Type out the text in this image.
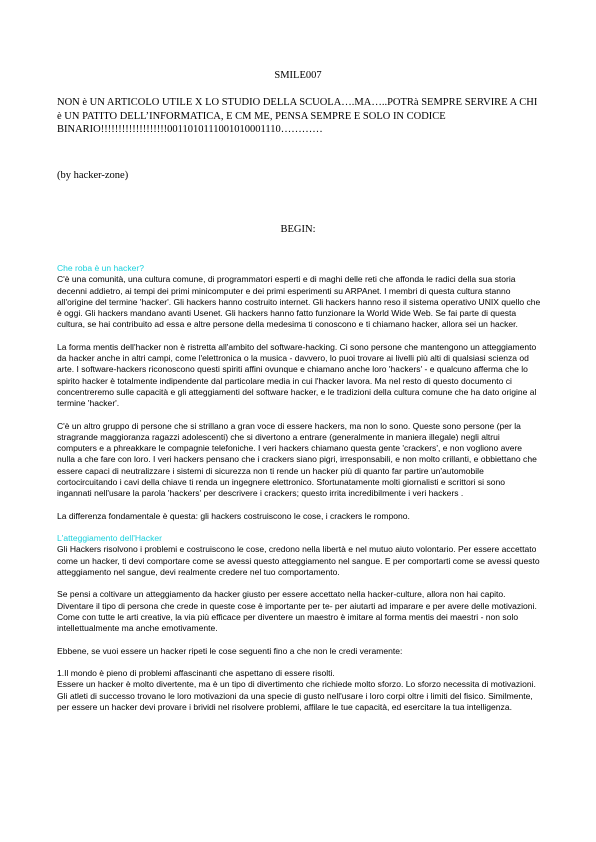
SMILE007
NON è UN ARTICOLO UTILE X LO STUDIO DELLA SCUOLA….MA…..POTRà SEMPRE SERVIRE A CHI è UN PATITO DELL’INFORMATICA, E CM ME, PENSA SEMPRE E SOLO IN CODICE BINARIO!!!!!!!!!!!!!!!!!!!0011010111001010001110…………
(by hacker-zone)
BEGIN:

Che roba è un hacker?
C'è una comunità, una cultura comune, di programmatori esperti e di maghi delle reti che affonda le radici della sua storia decenni addietro, ai tempi dei primi minicomputer e dei primi esperimenti su ARPAnet. I membri di questa cultura stanno all'origine del termine 'hacker'. Gli hackers hanno costruito internet. Gli hackers hanno reso il sistema operativo UNIX quello che è oggi. Gli hackers mandano avanti Usenet. Gli hackers hanno fatto funzionare la World Wide Web. Se fai parte di questa cultura, se hai contribuito ad essa e altre persone della medesima ti conoscono e ti chiamano hacker, allora sei un hacker.

La forma mentis dell'hacker non è ristretta all'ambito del software-hacking. Ci sono persone che mantengono un atteggiamento da hacker anche in altri campi, come l'elettronica o la musica - davvero, lo puoi trovare ai livelli più alti di qualsiasi scienza od arte. I software-hackers riconoscono questi spiriti affini ovunque e chiamano anche loro 'hackers' - e qualcuno afferma che lo spirito hacker è totalmente indipendente dal particolare media in cui l'hacker lavora. Ma nel resto di questo documento ci concentreremo sulle capacità e gli atteggiamenti del software hacker, e le tradizioni della cultura comune che ha dato origine al termine 'hacker'.

C'è un altro gruppo di persone che si strillano a gran voce di essere hackers, ma non lo sono. Queste sono persone (per la stragrande maggioranza ragazzi adolescenti) che si divertono a entrare (generalmente in maniera illegale) negli altrui computers e a phreakkare le compagnie telefoniche. I veri hackers chiamano questa gente 'crackers', e non vogliono avere nulla a che fare con loro. I veri hackers pensano che i crackers siano pigri, irresponsabili, e non molto crillanti, e obbiettano che essere capaci di neutralizzare i sistemi di sicurezza non ti rende un hacker più di quanto far partire un'automobile cortocircuitando i cavi della chiave ti renda un ingegnere elettronico. Sfortunatamente molti giornalisti e scrittori si sono ingannati nell'usare la parola 'hackers' per descrivere i crackers; questo irrita incredibilmente i veri hackers .

La differenza fondamentale è questa: gli hackers costruiscono le cose, i crackers le rompono.

L'atteggiamento dell'Hacker
Gli Hackers risolvono i problemi e costruiscono le cose, credono nella libertà e nel mutuo aiuto volontario. Per essere accettato come un hacker, ti devi comportare come se avessi questo atteggiamento nel sangue. E per comportarti come se avessi questo atteggiamento nel sangue, devi realmente credere nel tuo comportamento.

Se pensi a coltivare un atteggiamento da hacker giusto per essere accettato nella hacker-culture, allora non hai capito. Diventare il tipo di persona che crede in queste cose è importante per te- per aiutarti ad imparare e per avere delle motivazioni. Come con tutte le arti creative, la via più efficace per diventere un maestro è imitare al forma mentis dei maestri - non solo intellettualmente ma anche emotivamente.

Ebbene, se vuoi essere un hacker ripeti le cose seguenti fino a che non le credi veramente:

1.Il mondo è pieno di problemi affascinanti che aspettano di essere risolti.
Essere un hacker è molto divertente, ma è un tipo di divertimento che richiede molto sforzo. Lo sforzo necessita di motivazioni. Gli atleti di successo trovano le loro motivazioni da una specie di gusto nell'usare i loro corpi oltre i limiti del fisico. Similmente, per essere un hacker devi provare i brividi nel risolvere problemi, affilare le tue capacità, ed esercitare la tua intelligenza.
